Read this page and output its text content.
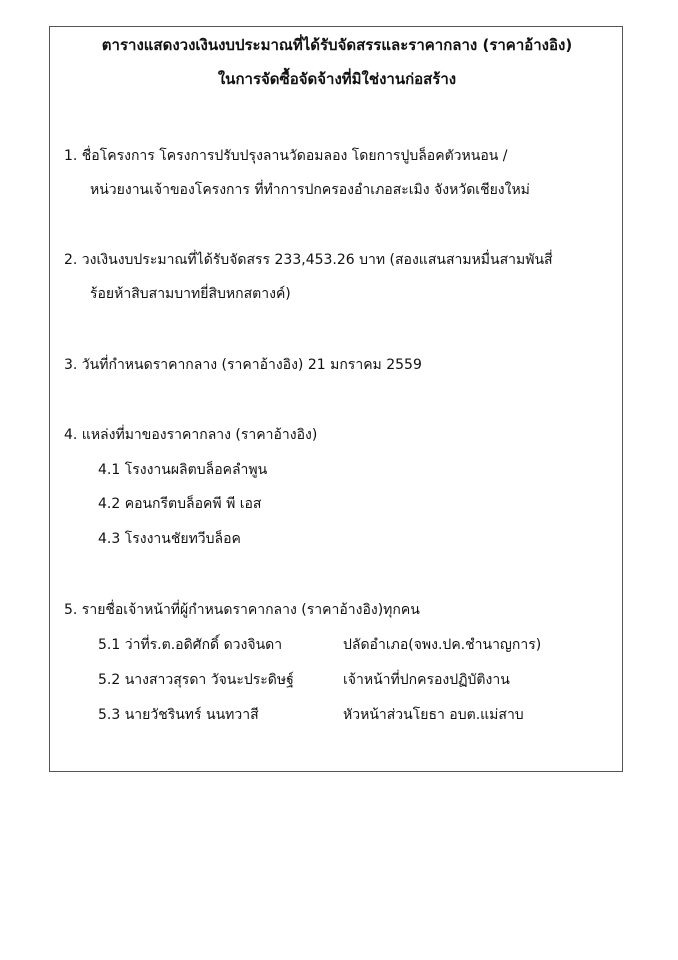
ตารางแสดงวงเงินงบประมาณที่ได้รับจัดสรรและราคากลาง (ราคาอ้างอิง)
ในการจัดซื้อจัดจ้างที่มิใช่งานก่อสร้าง
1. ชื่อโครงการ โครงการปรับปรุงลานวัดอมลอง โดยการปูบล็อคตัวหนอน /
หน่วยงานเจ้าของโครงการ ที่ทำการปกครองอำเภอสะเมิง จังหวัดเชียงใหม่
2. วงเงินงบประมาณที่ได้รับจัดสรร 233,453.26 บาท (สองแสนสามหมื่นสามพันสี่
ร้อยห้าสิบสามบาทยี่สิบหกสตางค์)
3. วันที่กำหนดราคากลาง (ราคาอ้างอิง) 21 มกราคม 2559
4. แหล่งที่มาของราคากลาง (ราคาอ้างอิง)
4.1 โรงงานผลิตบล็อคลำพูน
4.2 คอนกรีตบล็อคพี พี เอส
4.3 โรงงานชัยทวีบล็อค
5. รายชื่อเจ้าหน้าที่ผู้กำหนดราคากลาง (ราคาอ้างอิง)ทุกคน
5.1 ว่าที่ร.ต.อดิศักดิ์ ดวงจินดา	ปลัดอำเภอ(จพง.ปค.ชำนาญการ)
5.2 นางสาวสุรดา วัจนะประดิษฐ์	เจ้าหน้าที่ปกครองปฏิบัติงาน
5.3 นายวัชรินทร์ นนทวาสี	หัวหน้าส่วนโยธา อบต.แม่สาบ
